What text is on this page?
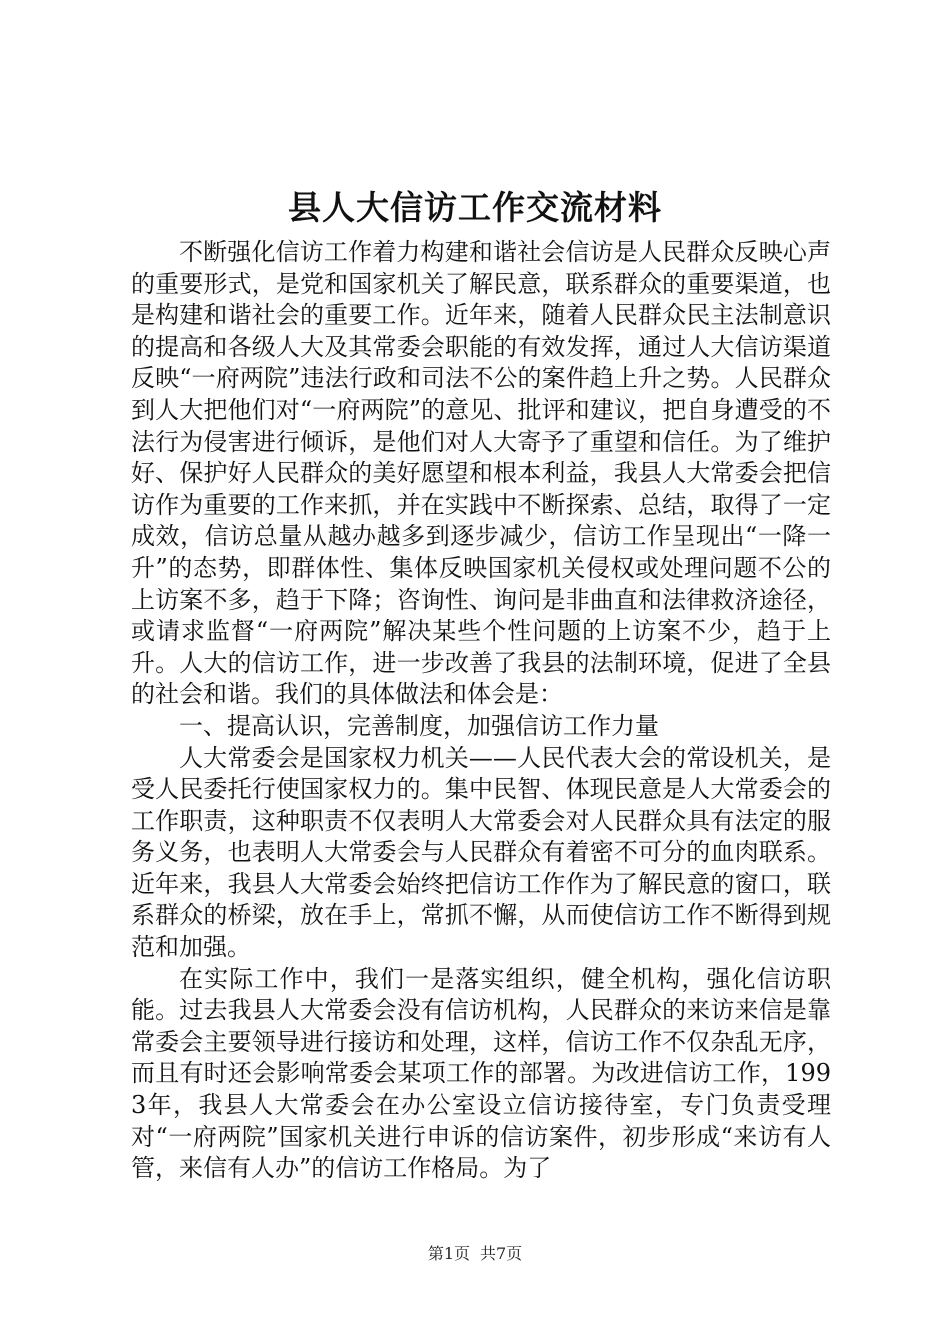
县人大信访工作交流材料

不断强化信访工作着力构建和谐社会信访是人民群众反映心声的重要形式，是党和国家机关了解民意，联系群众的重要渠道，也是构建和谐社会的重要工作。近年来，随着人民群众民主法制意识的提高和各级人大及其常委会职能的有效发挥，通过人大信访渠道反映“一府两院”违法行政和司法不公的案件趋上升之势。人民群众到人大把他们对“一府两院”的意见、批评和建议，把自身遭受的不法行为侵害进行倾诉，是他们对人大寄予了重望和信任。为了维护好、保护好人民群众的美好愿望和根本利益，我县人大常委会把信访作为重要的工作来抓，并在实践中不断探索、总结，取得了一定成效，信访总量从越办越多到逐步减少，信访工作呈现出“一降一升”的态势，即群体性、集体反映国家机关侵权或处理问题不公的上访案不多，趋于下降；咨询性、询问是非曲直和法律救济途径，或请求监督“一府两院”解决某些个性问题的上访案不少，趋于上升。人大的信访工作，进一步改善了我县的法制环境，促进了全县的社会和谐。我们的具体做法和体会是：

一、提高认识，完善制度，加强信访工作力量

人大常委会是国家权力机关——人民代表大会的常设机关，是受人民委托行使国家权力的。集中民智、体现民意是人大常委会的工作职责，这种职责不仅表明人大常委会对人民群众具有法定的服务义务，也表明人大常委会与人民群众有着密不可分的血肉联系。近年来，我县人大常委会始终把信访工作作为了解民意的窗口，联系群众的桥梁，放在手上，常抓不懈，从而使信访工作不断得到规范和加强。

在实际工作中，我们一是落实组织，健全机构，强化信访职能。过去我县人大常委会没有信访机构，人民群众的来访来信是靠常委会主要领导进行接访和处理，这样，信访工作不仅杂乱无序，而且有时还会影响常委会某项工作的部署。为改进信访工作，1993年，我县人大常委会在办公室设立信访接待室，专门负责受理对“一府两院”国家机关进行申诉的信访案件，初步形成“来访有人管，来信有人办”的信访工作格局。为了

第1页 共7页
